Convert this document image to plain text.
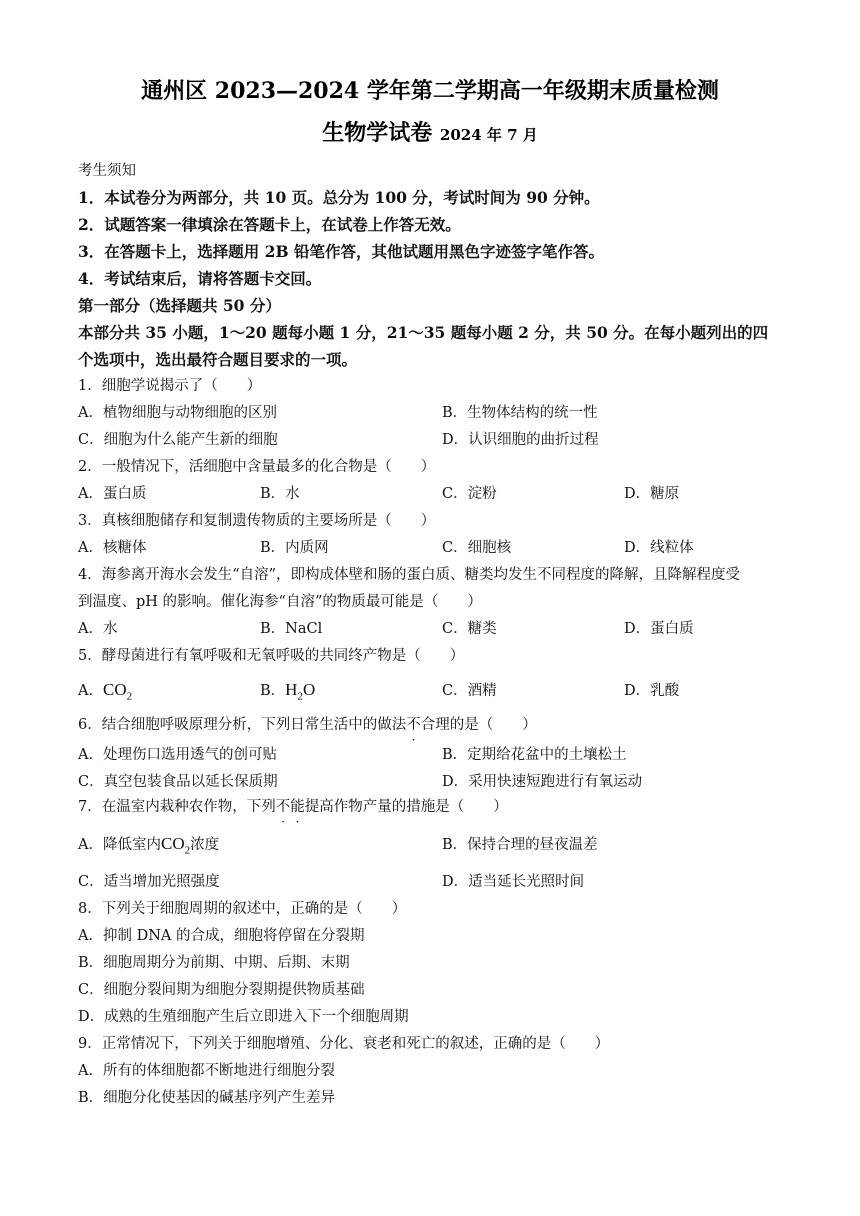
通州区 2023—2024 学年第二学期高一年级期末质量检测
生物学试卷 2024 年 7 月
考生须知
1．本试卷分为两部分，共 10 页。总分为 100 分，考试时间为 90 分钟。
2．试题答案一律填涂在答题卡上，在试卷上作答无效。
3．在答题卡上，选择题用 2B 铅笔作答，其他试题用黑色字迹签字笔作答。
4．考试结束后，请将答题卡交回。
第一部分（选择题共 50 分）
本部分共 35 小题，1～20 题每小题 1 分，21～35 题每小题 2 分，共 50 分。在每小题列出的四
个选项中，选出最符合题目要求的一项。
1．细胞学说揭示了（　　）
A．植物细胞与动物细胞的区别	B．生物体结构的统一性
C．细胞为什么能产生新的细胞	D．认识细胞的曲折过程
2．一般情况下，活细胞中含量最多的化合物是（　　）
A．蛋白质	B．水	C．淀粉	D．糖原
3．真核细胞储存和复制遗传物质的主要场所是（　　）
A．核糖体	B．内质网	C．细胞核	D．线粒体
4．海参离开海水会发生“自溶”，即构成体壁和肠的蛋白质、糖类均发生不同程度的降解，且降解程度受
到温度、pH 的影响。催化海参“自溶”的物质最可能是（　　）
A．水	B．NaCl	C．糖类	D．蛋白质
5．酵母菌进行有氧呼吸和无氧呼吸的共同终产物是（　　）
A．$CO_2$	B．$H_2O$	C．酒精	D．乳酸
6．结合细胞呼吸原理分析，下列日常生活中的做法不合理的是（　　）
A．处理伤口选用透气的创可贴	B．定期给花盆中的土壤松土
C．真空包装食品以延长保质期	D．采用快速短跑进行有氧运动
7．在温室内栽种农作物，下列不能提高作物产量的措施是（　　）
A．降低室内$CO_2$浓度	B．保持合理的昼夜温差
C．适当增加光照强度	D．适当延长光照时间
8．下列关于细胞周期的叙述中，正确的是（　　）
A．抑制 DNA 的合成，细胞将停留在分裂期
B．细胞周期分为前期、中期、后期、末期
C．细胞分裂间期为细胞分裂期提供物质基础
D．成熟的生殖细胞产生后立即进入下一个细胞周期
9．正常情况下，下列关于细胞增殖、分化、衰老和死亡的叙述，正确的是（　　）
A．所有的体细胞都不断地进行细胞分裂
B．细胞分化使基因的碱基序列产生差异
